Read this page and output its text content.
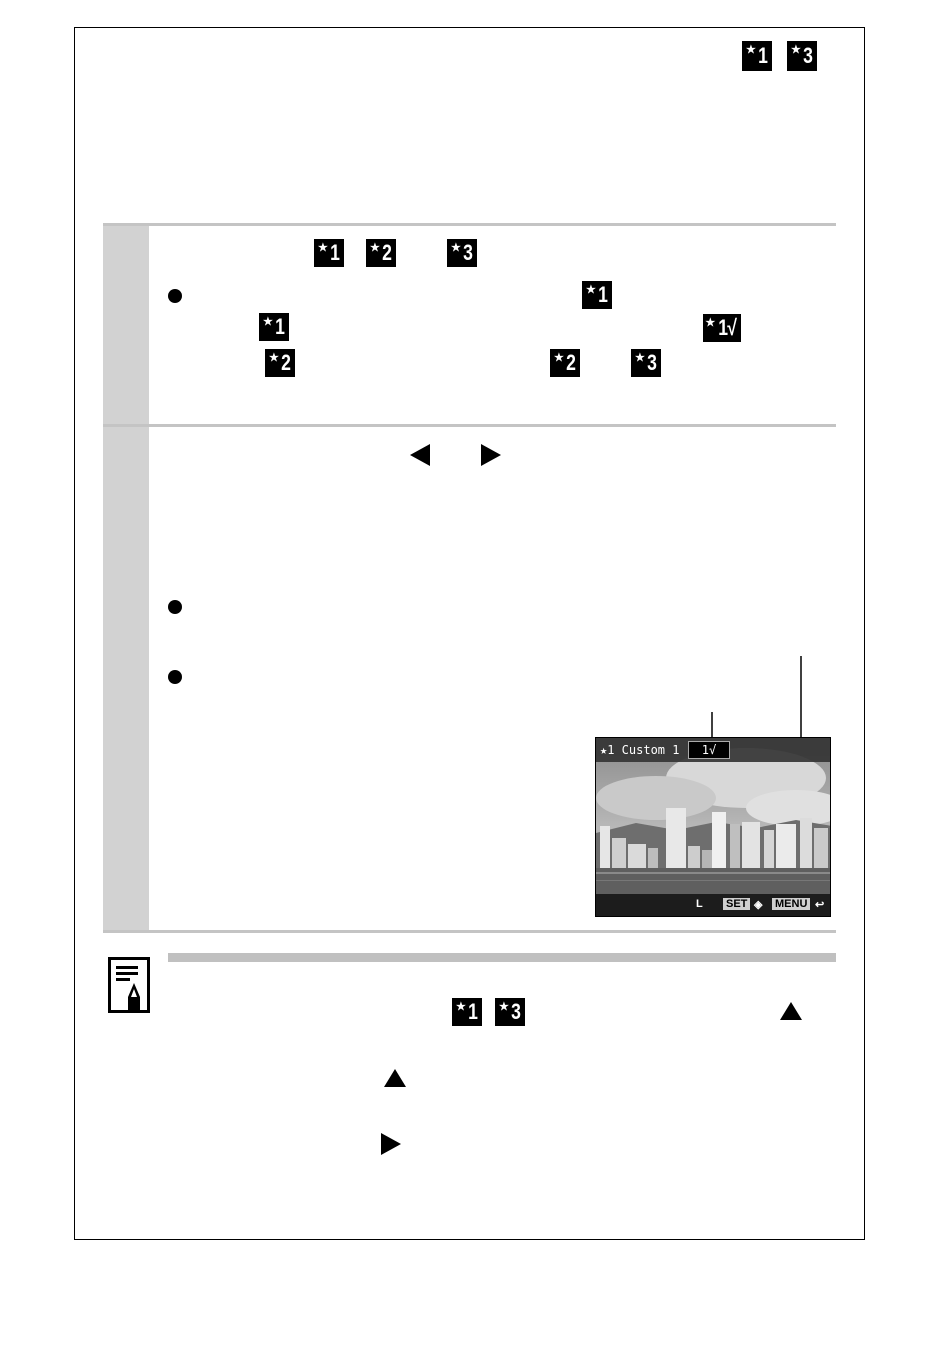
★ 1 ★ 3
★ 1	★ 2	★ 3
★ 1
★ 1	★ 1√
★ 2	★ 2	★ 3
★1 Custom 1	1√
L SET ◈ MENU ↩
★ 1 ★ 3
